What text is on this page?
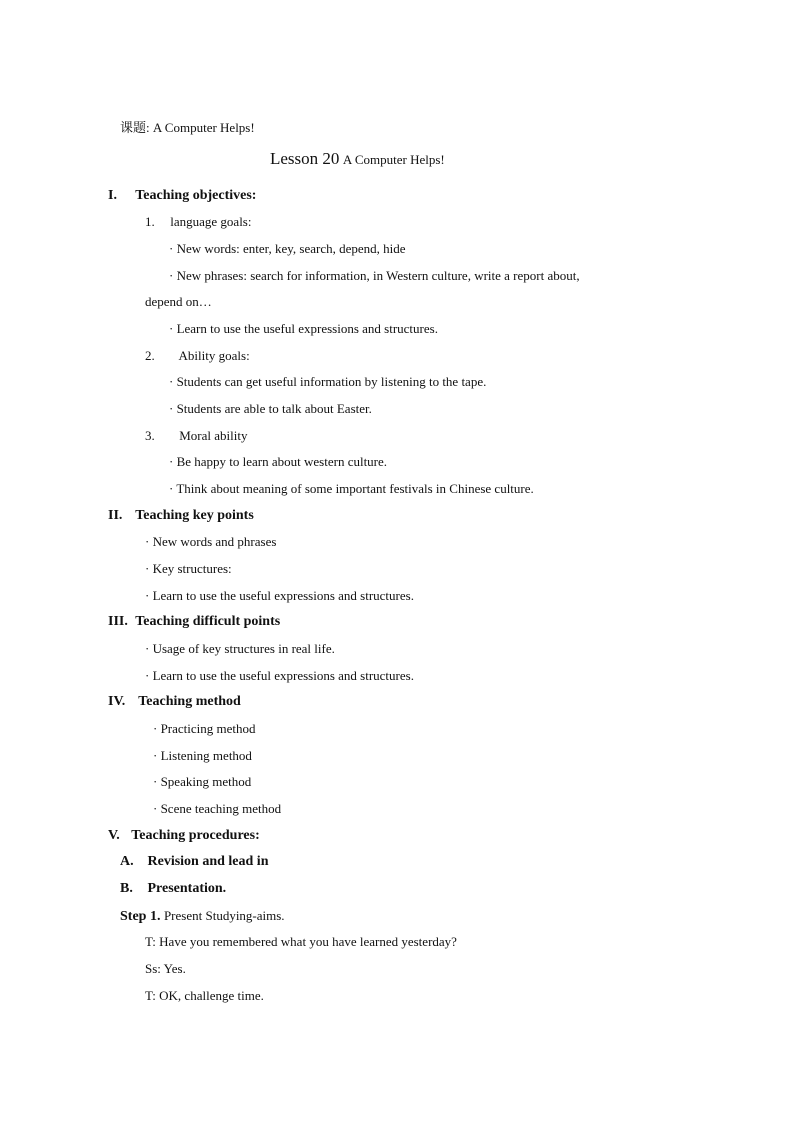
课题: A Computer Helps!
Lesson 20 A Computer Helps!
I. Teaching objectives:
1. language goals:
· New words: enter, key, search, depend, hide
· New phrases: search for information, in Western culture, write a report about,
depend on…
· Learn to use the useful expressions and structures.
2. Ability goals:
· Students can get useful information by listening to the tape.
· Students are able to talk about Easter.
3. Moral ability
· Be happy to learn about western culture.
· Think about meaning of some important festivals in Chinese culture.
II. Teaching key points
· New words and phrases
· Key structures:
· Learn to use the useful expressions and structures.
III. Teaching difficult points
· Usage of key structures in real life.
· Learn to use the useful expressions and structures.
IV. Teaching method
· Practicing method
· Listening method
· Speaking method
· Scene teaching method
V. Teaching procedures:
A. Revision and lead in
B. Presentation.
Step 1. Present Studying-aims.
T: Have you remembered what you have learned yesterday?
Ss: Yes.
T: OK, challenge time.
